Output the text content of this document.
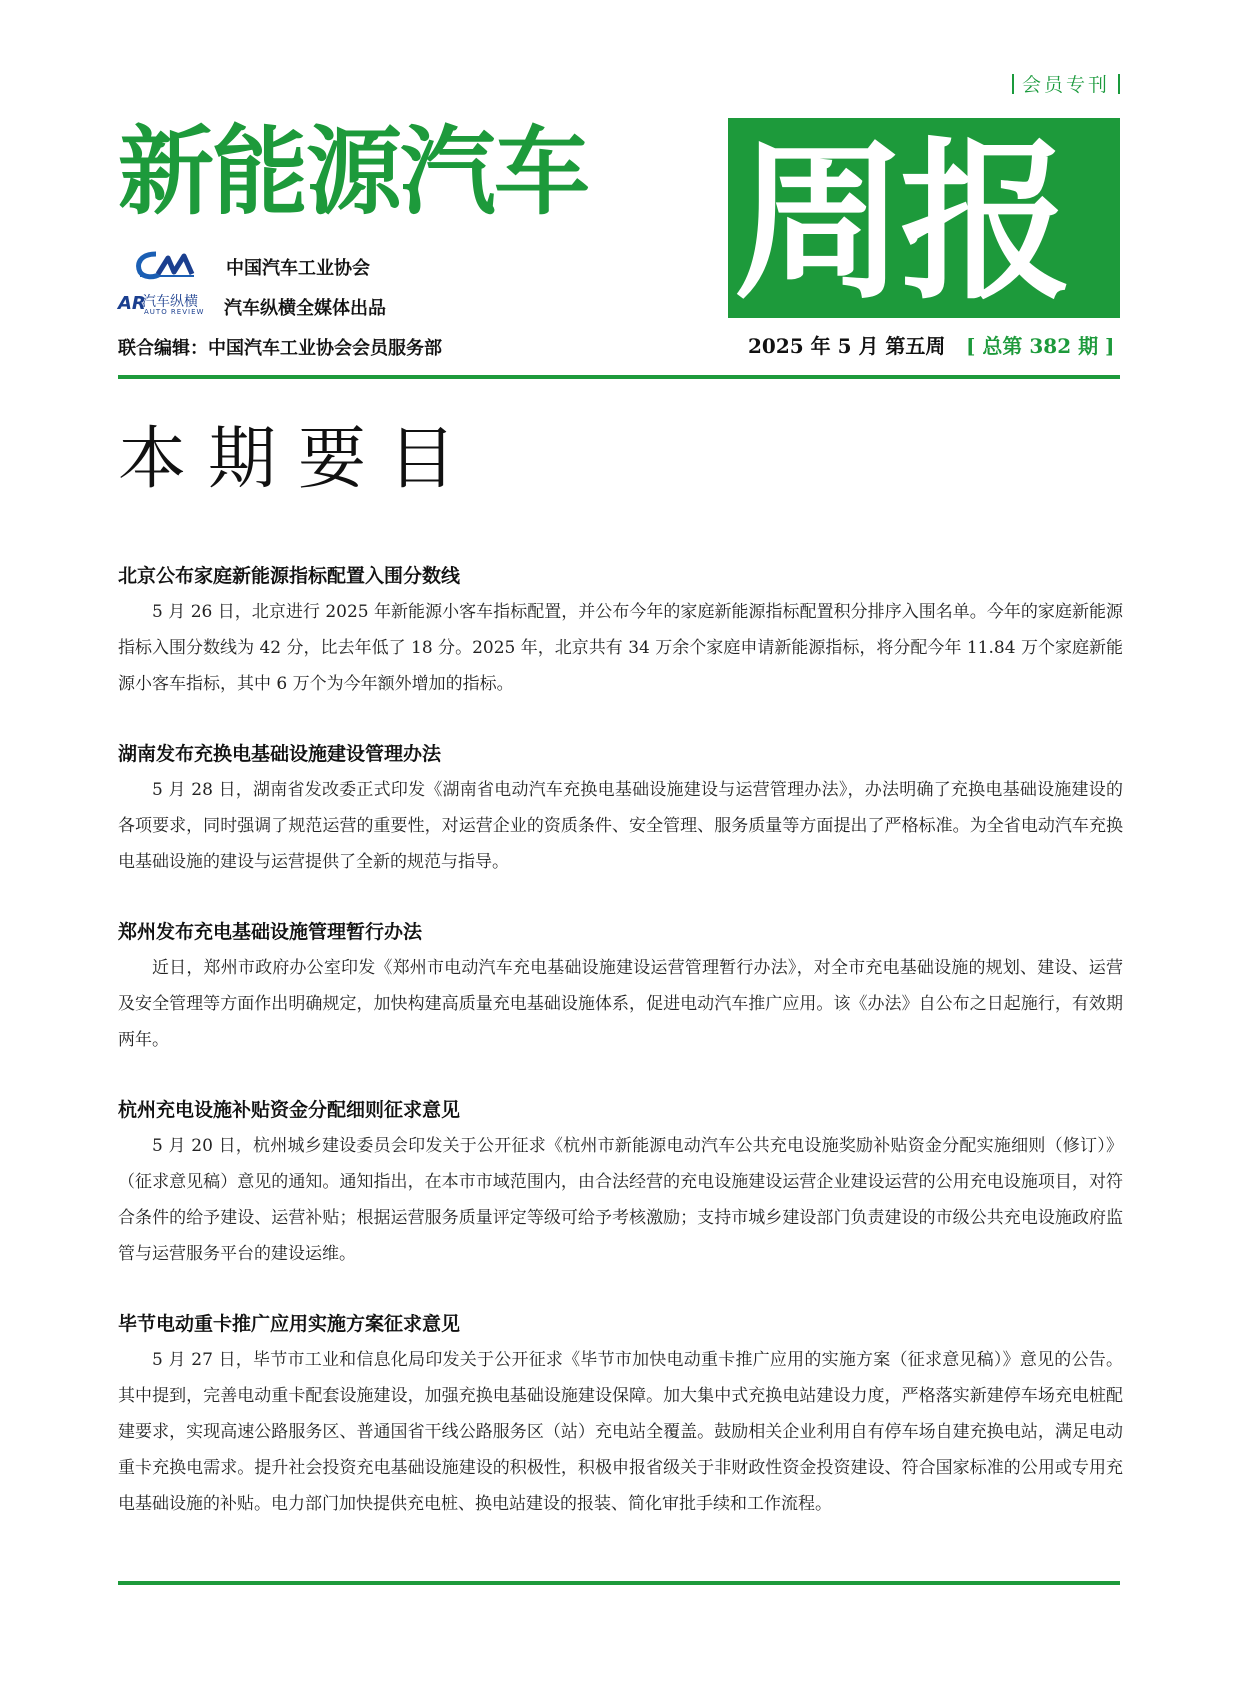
会员专刊
新能源汽车 周报
中国汽车工业协会
AR
汽车纵横
AUTO REVIEW 汽车纵横全媒体出品
联合编辑：中国汽车工业协会会员服务部	2025 年 5 月 第五周 [ 总第 382 期 ]
本期要目
北京公布家庭新能源指标配置入围分数线

5 月 26 日，北京进行 2025 年新能源小客车指标配置，并公布今年的家庭新能源指标配置积分排序入围名单。今年的家庭新能源指标入围分数线为 42 分，比去年低了 18 分。2025 年，北京共有 34 万余个家庭申请新能源指标，将分配今年 11.84 万个家庭新能源小客车指标，其中 6 万个为今年额外增加的指标。

湖南发布充换电基础设施建设管理办法

5 月 28 日，湖南省发改委正式印发《湖南省电动汽车充换电基础设施建设与运营管理办法》，办法明确了充换电基础设施建设的各项要求，同时强调了规范运营的重要性，对运营企业的资质条件、安全管理、服务质量等方面提出了严格标准。为全省电动汽车充换电基础设施的建设与运营提供了全新的规范与指导。

郑州发布充电基础设施管理暂行办法

近日，郑州市政府办公室印发《郑州市电动汽车充电基础设施建设运营管理暂行办法》，对全市充电基础设施的规划、建设、运营及安全管理等方面作出明确规定，加快构建高质量充电基础设施体系，促进电动汽车推广应用。该《办法》自公布之日起施行，有效期两年。

杭州充电设施补贴资金分配细则征求意见

5 月 20 日，杭州城乡建设委员会印发关于公开征求《杭州市新能源电动汽车公共充电设施奖励补贴资金分配实施细则（修订）》（征求意见稿）意见的通知。通知指出，在本市市域范围内，由合法经营的充电设施建设运营企业建设运营的公用充电设施项目，对符合条件的给予建设、运营补贴；根据运营服务质量评定等级可给予考核激励；支持市城乡建设部门负责建设的市级公共充电设施政府监管与运营服务平台的建设运维。

毕节电动重卡推广应用实施方案征求意见

5 月 27 日，毕节市工业和信息化局印发关于公开征求《毕节市加快电动重卡推广应用的实施方案（征求意见稿）》意见的公告。其中提到，完善电动重卡配套设施建设，加强充换电基础设施建设保障。加大集中式充换电站建设力度，严格落实新建停车场充电桩配建要求，实现高速公路服务区、普通国省干线公路服务区（站）充电站全覆盖。鼓励相关企业利用自有停车场自建充换电站，满足电动重卡充换电需求。提升社会投资充电基础设施建设的积极性，积极申报省级关于非财政性资金投资建设、符合国家标准的公用或专用充电基础设施的补贴。电力部门加快提供充电桩、换电站建设的报装、简化审批手续和工作流程。
